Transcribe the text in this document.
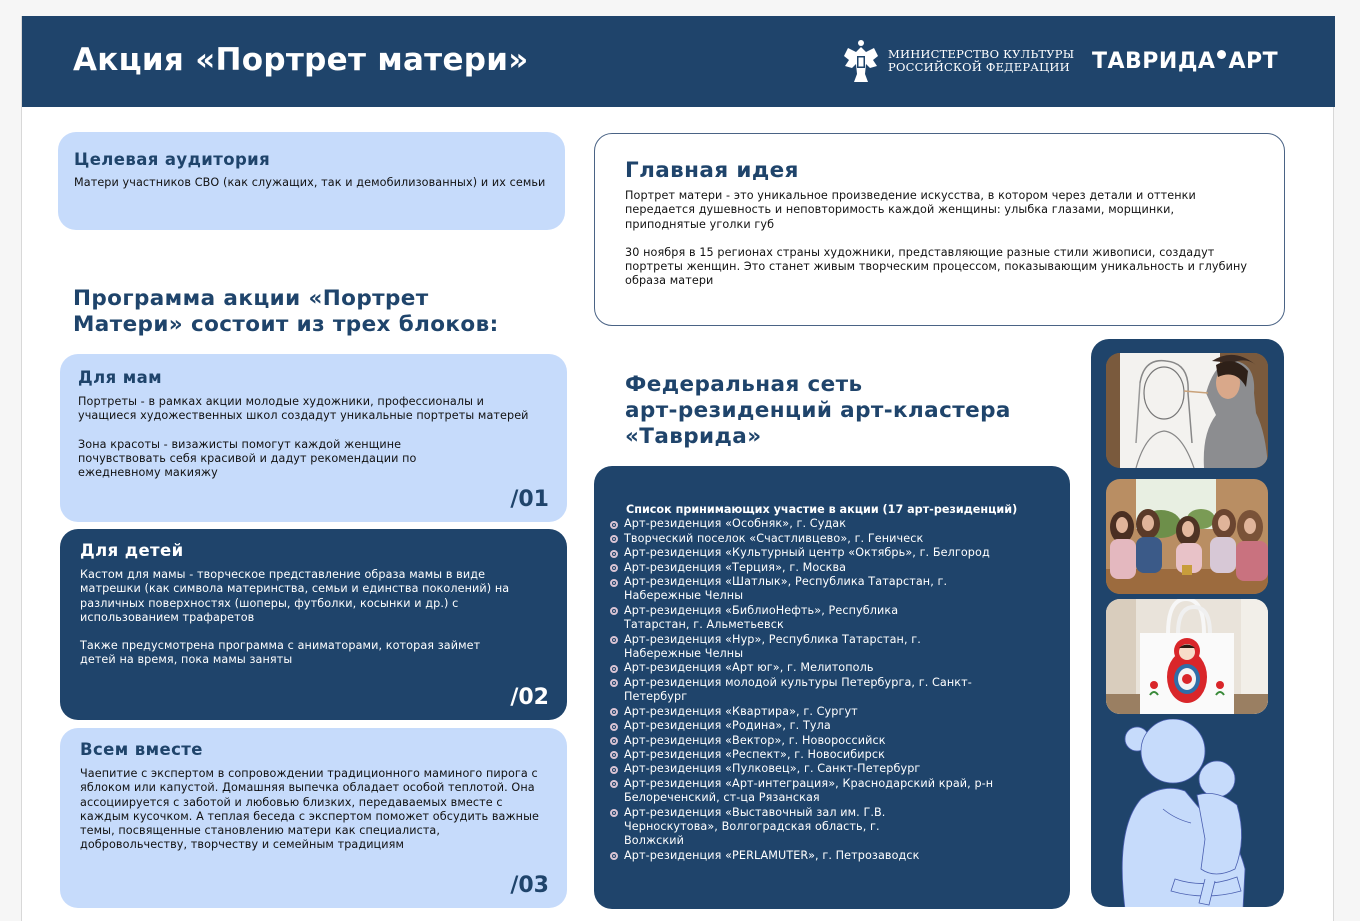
Акция «Портрет матери»	МИНИСТЕРСТВО КУЛЬТУРЫ
РОССИЙСКОЙ ФЕДЕРАЦИИ ТАВРИДА АРТ
Целевая аудитория
Матери участников СВО (как служащих, так и демобилизованных) и их семьи	Главная идея
Портрет матери - это уникальное произведение искусства, в котором через детали и оттенки передается душевность и неповторимость каждой женщины: улыбка глазами, морщинки, приподнятые уголки губ
30 ноября в 15 регионах страны художники, представляющие разные стили живописи, создадут портреты женщин. Это станет живым творческим процессом, показывающим уникальность и глубину образа матери
Программа акции «Портрет
Матери» состоит из трех блоков:
Для мам
Портреты - в рамках акции молодые художники, профессионалы и учащиеся художественных школ создадут уникальные портреты матерей
Зона красоты - визажисты помогут каждой женщине почувствовать себя красивой и дадут рекомендации по ежедневному макияжу
/01
Для детей
Кастом для мамы - творческое представление образа мамы в виде матрешки (как символа материнства, семьи и единства поколений) на различных поверхностях (шоперы, футболки, косынки и др.) с использованием трафаретов
Также предусмотрена программа с аниматорами, которая займет детей на время, пока мамы заняты
/02
Всем вместе
Чаепитие с экспертом в сопровождении традиционного маминого пирога с яблоком или капустой. Домашняя выпечка обладает особой теплотой. Она ассоциируется с заботой и любовью близких, передаваемых вместе с каждым кусочком. А теплая беседа с экспертом поможет обсудить важные темы, посвященные становлению матери как специалиста, добровольчеству, творчеству и семейным традициям
/03
Федеральная сеть
арт-резиденций арт-кластера
«Таврида»
Список принимающих участие в акции (17 арт-резиденций)
Арт-резиденция «Особняк», г. Судак
Творческий поселок «Счастливцево», г. Геническ
Арт-резиденция «Культурный центр «Октябрь», г. Белгород
Арт-резиденция «Терция», г. Москва
Арт-резиденция «Шатлык», Республика Татарстан, г. Набережные Челны
Арт-резиденция «БиблиоНефть», Республика Татарстан, г. Альметьевск
Арт-резиденция «Нур», Республика Татарстан, г. Набережные Челны
Арт-резиденция «Арт юг», г. Мелитополь
Арт-резиденция молодой культуры Петербурга, г. Санкт-Петербург
Арт-резиденция «Квартира», г. Сургут
Арт-резиденция «Родина», г. Тула
Арт-резиденция «Вектор», г. Новороссийск
Арт-резиденция «Респект», г. Новосибирск
Арт-резиденция «Пулковец», г. Санкт-Петербург
Арт-резиденция «Арт-интеграция», Краснодарский край, р-н Белореченский, ст-ца Рязанская
Арт-резиденция «Выставочный зал им. Г.В. Черноскутова», Волгоградская область, г. Волжский
Арт-резиденция «PERLAMUTER», г. Петрозаводск
